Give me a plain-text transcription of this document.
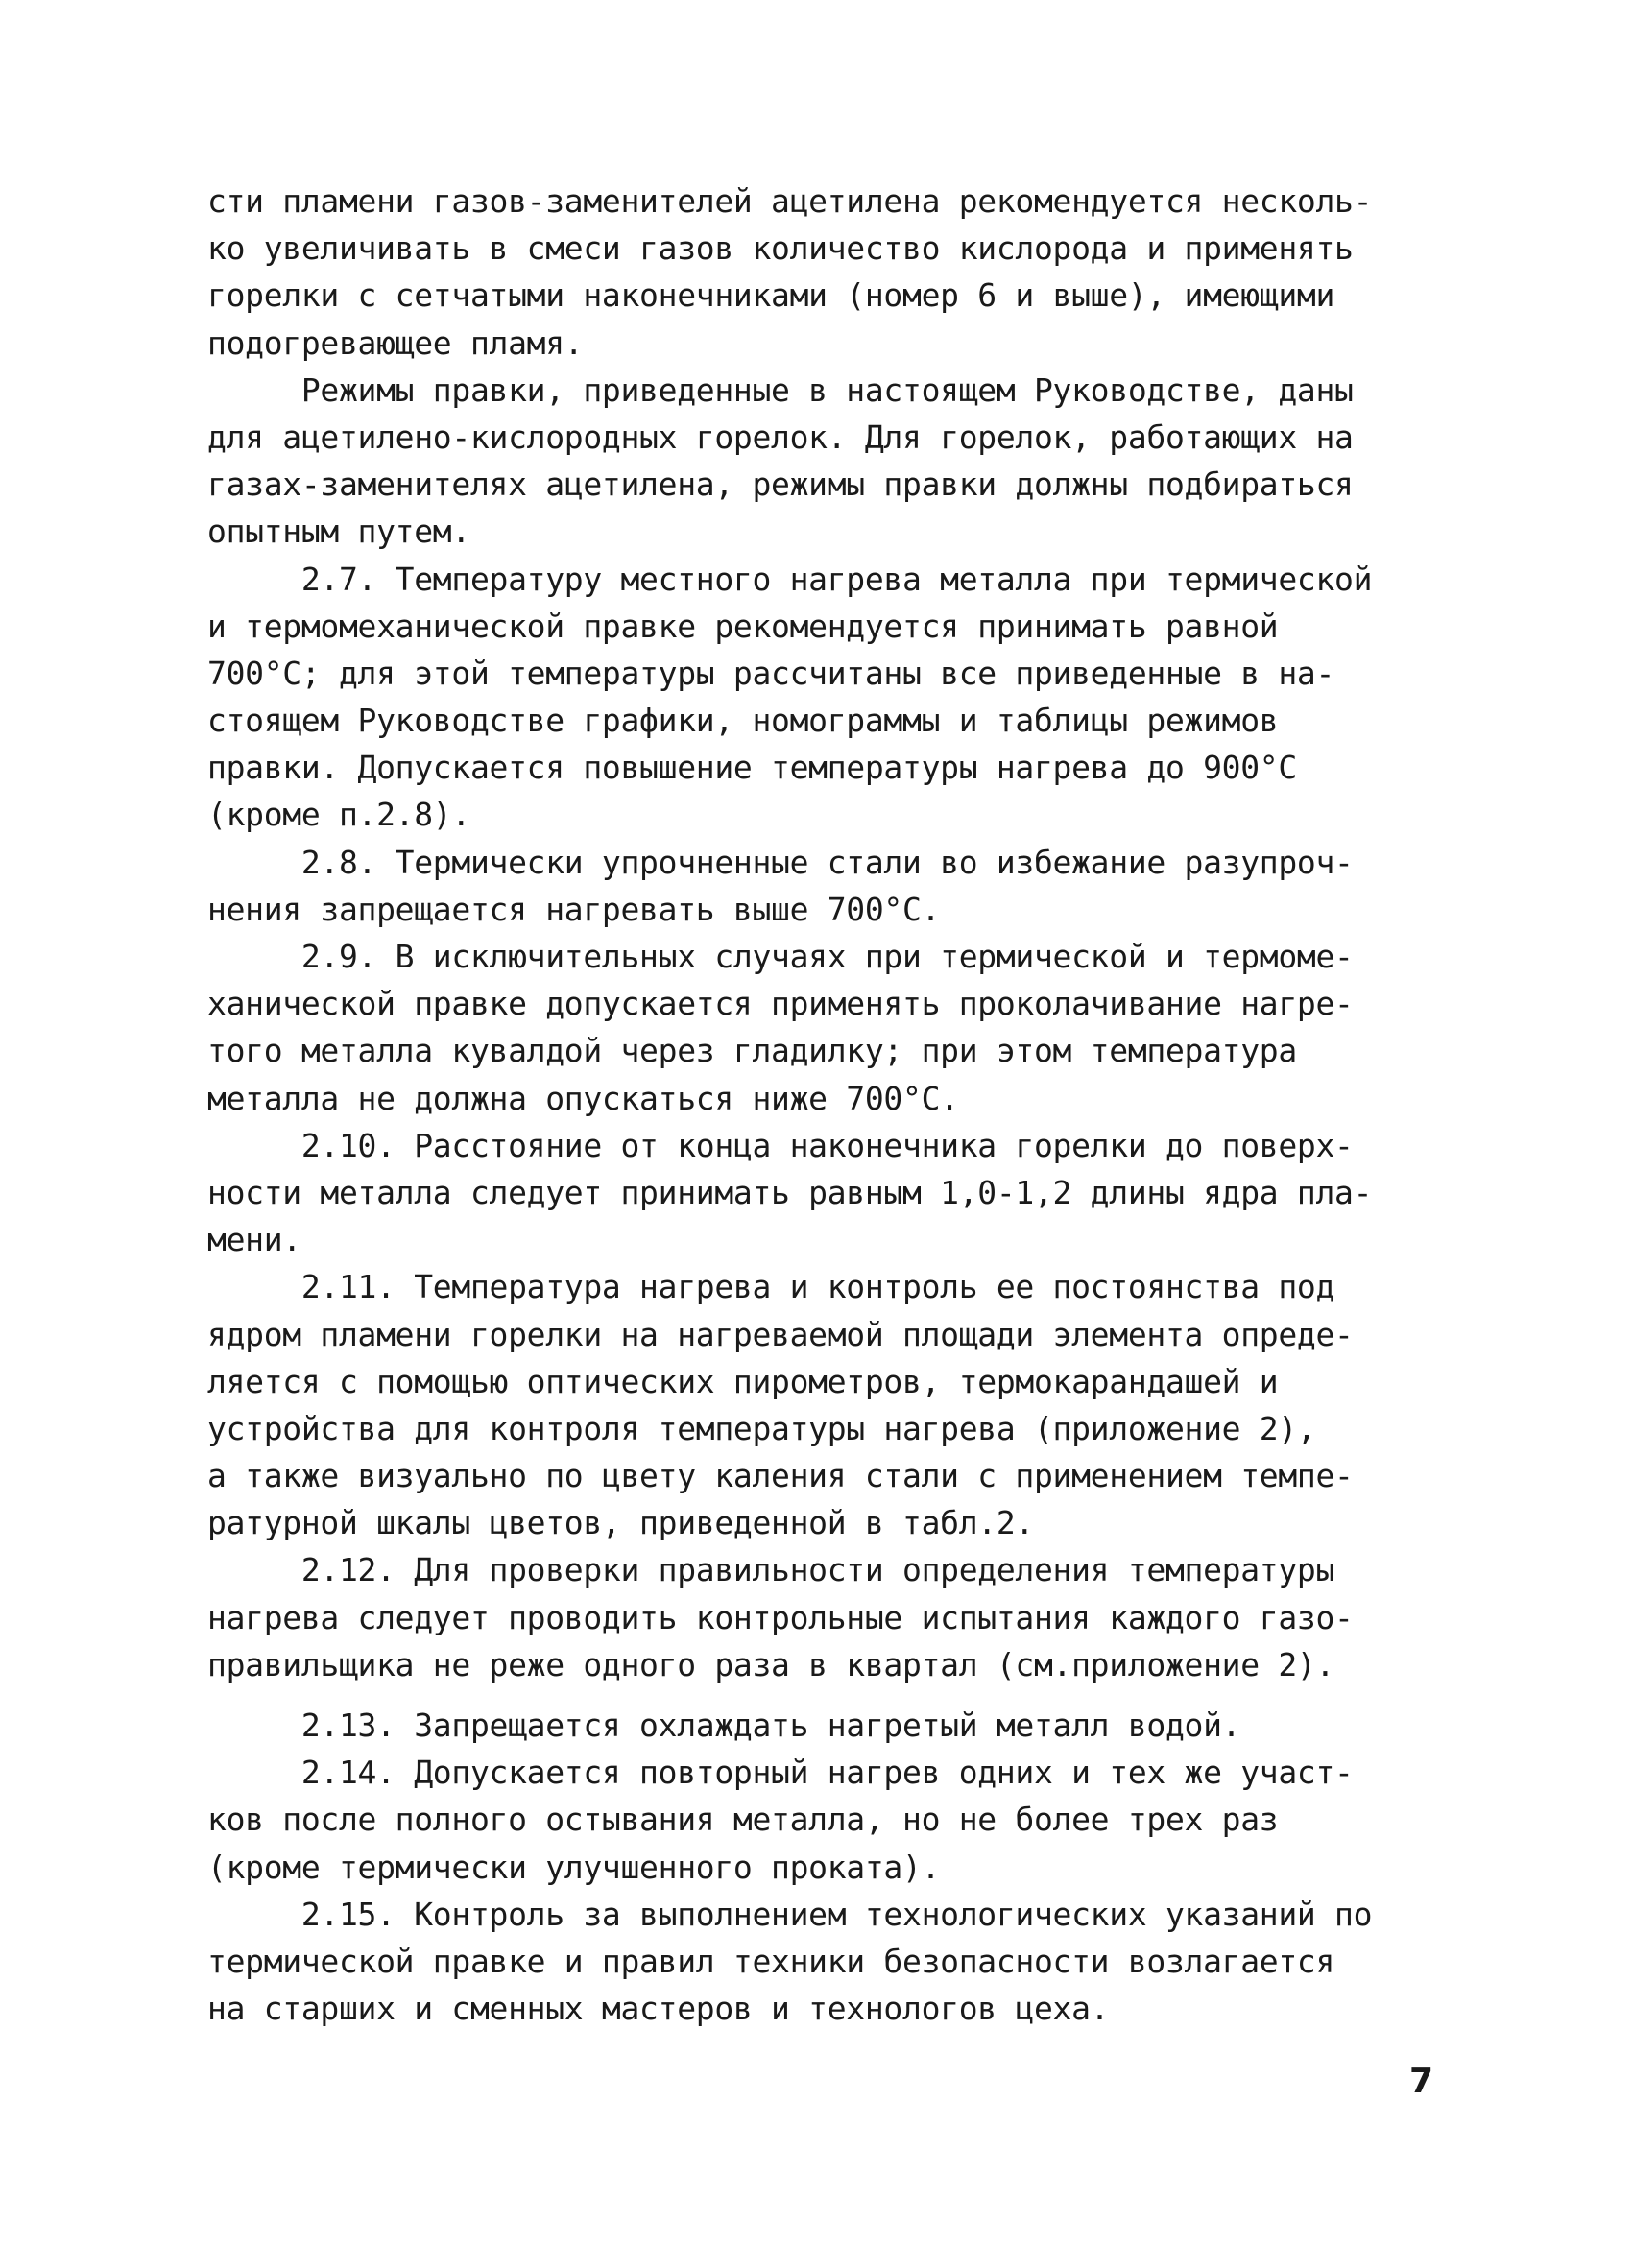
сти пламени газов-заменителей ацетилена рекомендуется несколь-
ко увеличивать в смеси газов количество кислорода и применять
горелки с сетчатыми наконечниками (номер 6 и выше), имеющими
подогревающее пламя.
Режимы правки, приведенные в настоящем Руководстве, даны
для ацетилено-кислородных горелок. Для горелок, работающих на
газах-заменителях ацетилена, режимы правки должны подбираться
опытным путем.
2.7. Температуру местного нагрева металла при термической
и термомеханической правке рекомендуется принимать равной
700°С; для этой температуры рассчитаны все приведенные в на-
стоящем Руководстве графики, номограммы и таблицы режимов
правки. Допускается повышение температуры нагрева до 900°С
(кроме п.2.8).
2.8. Термически упрочненные стали во избежание разупроч-
нения запрещается нагревать выше 700°С.
2.9. В исключительных случаях при термической и термоме-
ханической правке допускается применять проколачивание нагре-
того металла кувалдой через гладилку; при этом температура
металла не должна опускаться ниже 700°С.
2.10. Расстояние от конца наконечника горелки до поверх-
ности металла следует принимать равным 1,0-1,2 длины ядра пла-
мени.
2.11. Температура нагрева и контроль ее постоянства под
ядром пламени горелки на нагреваемой площади элемента опреде-
ляется с помощью оптических пирометров, термокарандашей и
устройства для контроля температуры нагрева (приложение 2),
а также визуально по цвету каления стали с применением темпе-
ратурной шкалы цветов, приведенной в табл.2.
2.12. Для проверки правильности определения температуры
нагрева следует проводить контрольные испытания каждого газо-
правильщика не реже одного раза в квартал (см.приложение 2).
2.13. Запрещается охлаждать нагретый металл водой.
2.14. Допускается повторный нагрев одних и тех же участ-
ков после полного остывания металла, но не более трех раз
(кроме термически улучшенного проката).
2.15. Контроль за выполнением технологических указаний по
термической правке и правил техники безопасности возлагается
на старших и сменных мастеров и технологов цеха.
7
